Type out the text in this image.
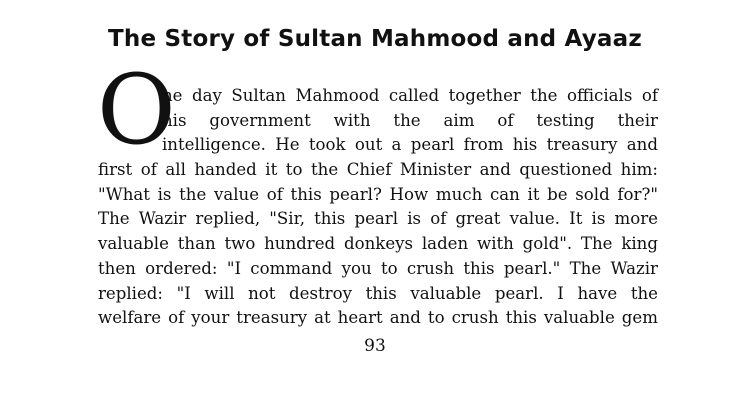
The Story of Sultan Mahmood and Ayaaz
O
ne day Sultan Mahmood called together the officials of
his government with the aim of testing their
intelligence. He took out a pearl from his treasury and
first of all handed it to the Chief Minister and questioned him:
"What is the value of this pearl? How much can it be sold for?"
The Wazir replied, "Sir, this pearl is of great value. It is more
valuable than two hundred donkeys laden with gold". The king
then ordered: "I command you to crush this pearl." The Wazir
replied: "I will not destroy this valuable pearl. I have the
welfare of your treasury at heart and to crush this valuable gem
93
